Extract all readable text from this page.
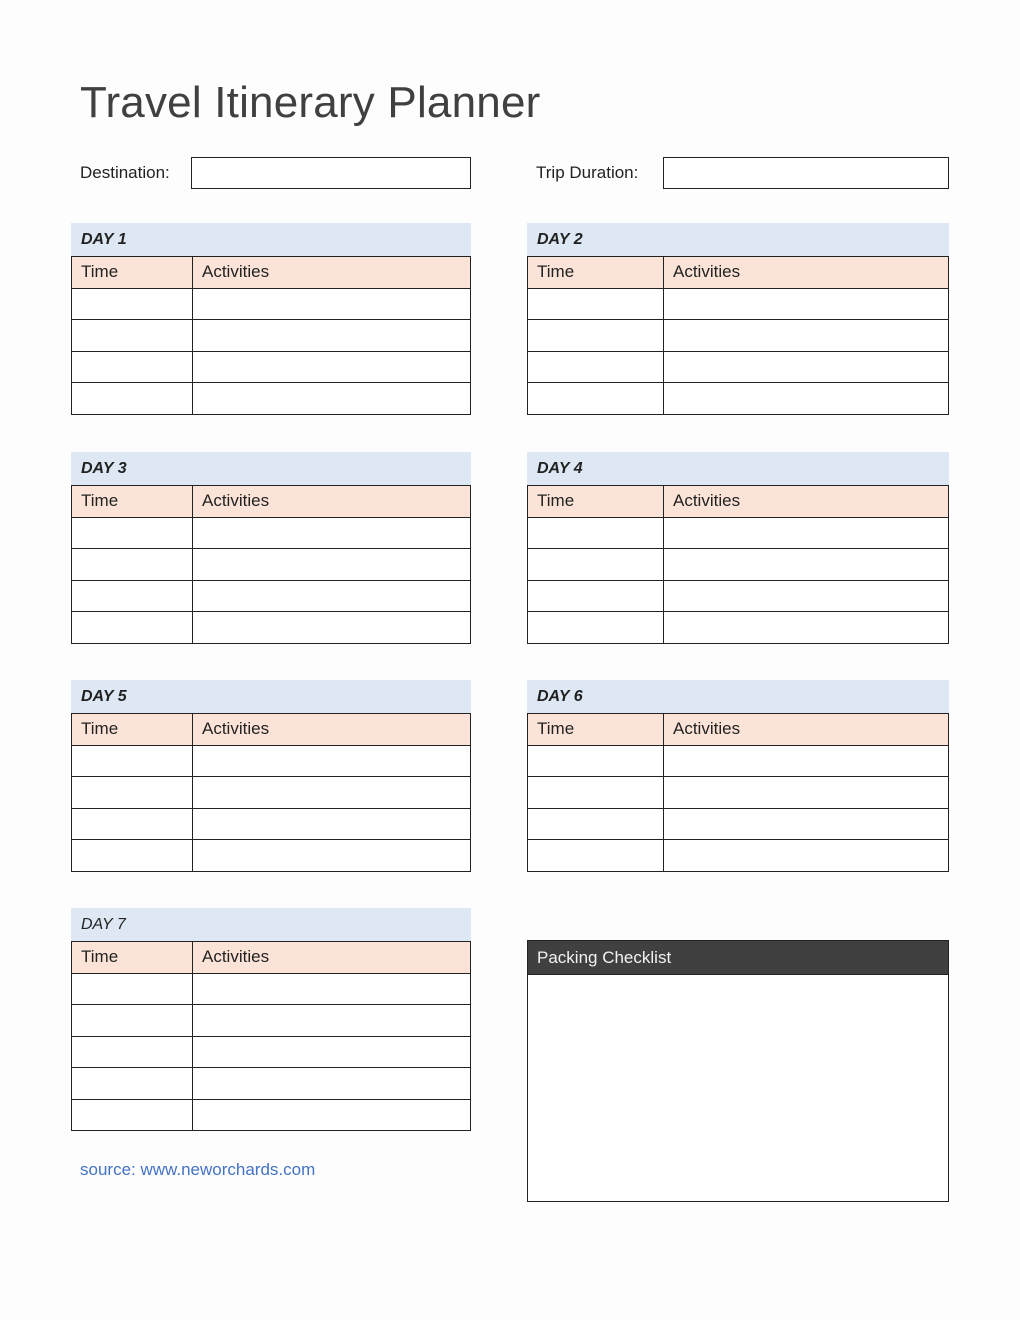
Travel Itinerary Planner
Destination:	Trip Duration:
DAY 1
Time	Activities

DAY 2
Time	Activities

DAY 3
Time	Activities

DAY 4
Time	Activities

DAY 5
Time	Activities

DAY 6
Time	Activities

DAY 7
Time	Activities

		Packing Checklist
source: www.neworchards.com
